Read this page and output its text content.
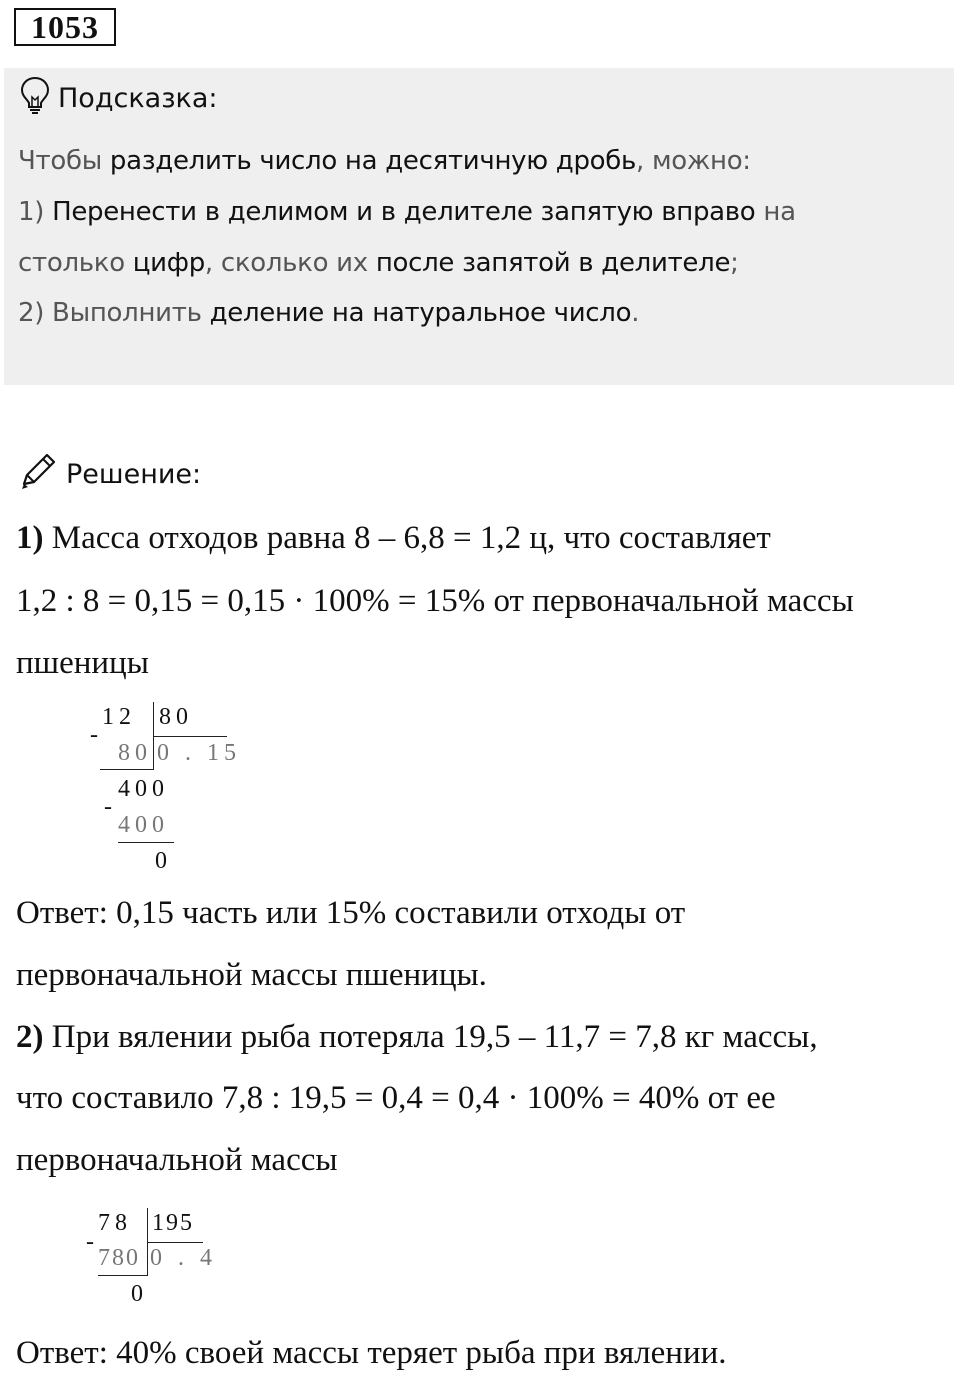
1053
Подсказка:
Чтобы разделить число на десятичную дробь, можно:
1) Перенести в делимом и в делителе запятую вправо на
столько цифр, сколько их после запятой в делителе;
2) Выполнить деление на натуральное число.
Решение:
1) Масса отходов равна 8 – 6,8 = 1,2 ц, что составляет
1,2 : 8 = 0,15 = 0,15 · 100% = 15% от первоначальной массы
пшеницы
12 80
-
80 0 . 15
400
-
400
0
Ответ: 0,15 часть или 15% составили отходы от
первоначальной массы пшеницы.
2) При вялении рыба потеряла 19,5 – 11,7 = 7,8 кг массы,
что составило 7,8 : 19,5 = 0,4 = 0,4 · 100% = 40% от ее
первоначальной массы
78 195
-
780 0 . 4
0
Ответ: 40% своей массы теряет рыба при вялении.
